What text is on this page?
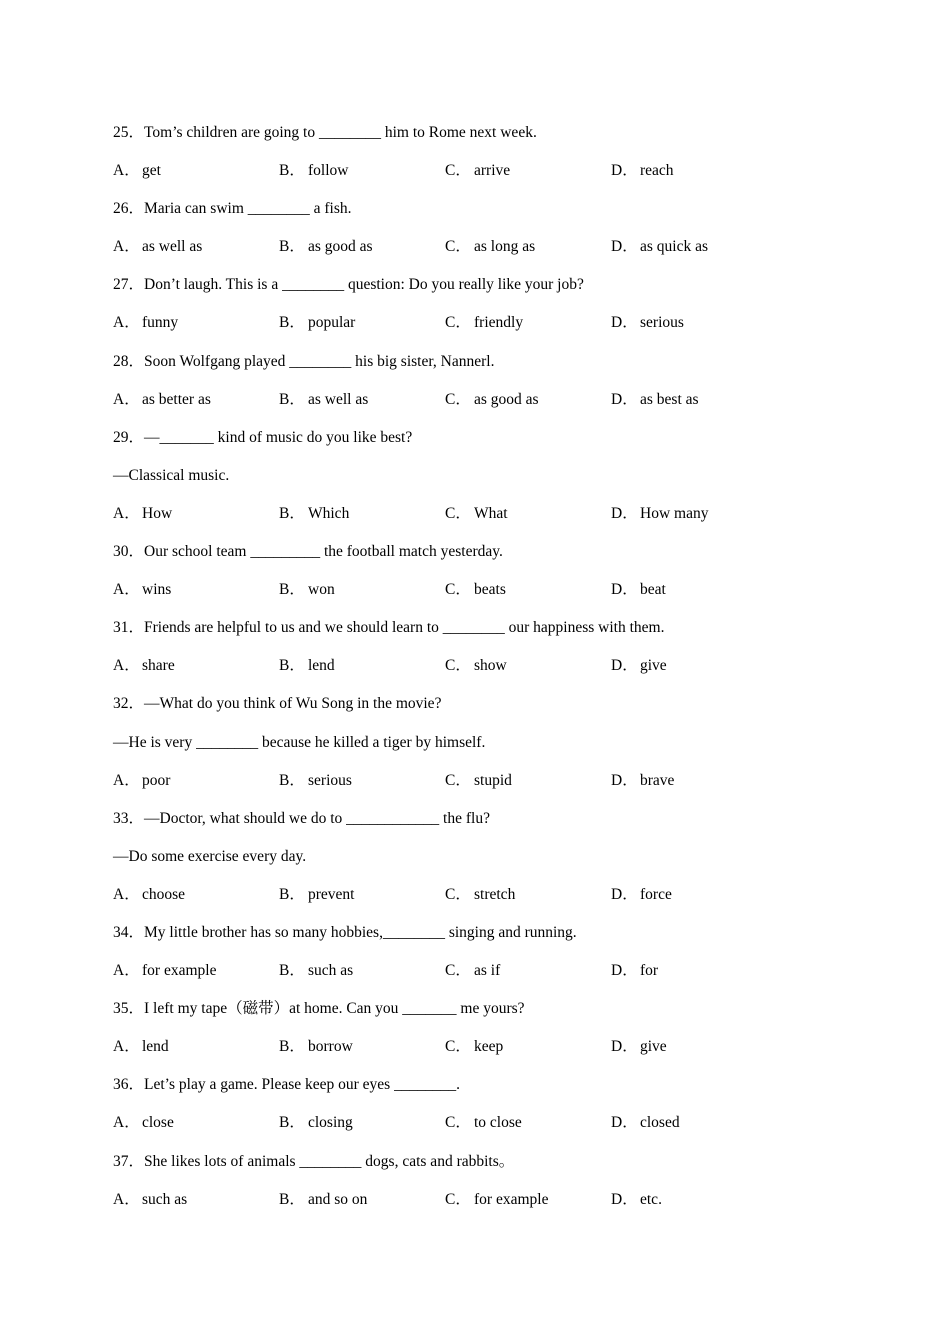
25．Tom’s children are going to ________ him to Rome next week.
A． get	B． follow	C． arrive	D． reach
26．Maria can swim ________ a fish.
A． as well as	B． as good as	C． as long as	D． as quick as
27．Don’t laugh. This is a ________ question: Do you really like your job?
A． funny	B． popular	C． friendly	D． serious
28．Soon Wolfgang played ________ his big sister, Nannerl.
A． as better as	B． as well as	C． as good as	D． as best as
29．—_______ kind of music do you like best?
—Classical music.
A． How	B． Which	C． What	D． How many
30．Our school team _________ the football match yesterday.
A． wins	B． won	C． beats	D． beat
31．Friends are helpful to us and we should learn to ________ our happiness with them.
A． share	B． lend	C． show	D． give
32．—What do you think of Wu Song in the movie?
—He is very ________ because he killed a tiger by himself.
A． poor	B． serious	C． stupid	D． brave
33．—Doctor, what should we do to ____________ the flu?
—Do some exercise every day.
A． choose	B． prevent	C． stretch	D． force
34．My little brother has so many hobbies,________ singing and running.
A． for example	B． such as	C． as if	D． for
35．I left my tape（磁带）at home. Can you _______ me yours?
A． lend	B． borrow	C． keep	D． give
36．Let’s play a game. Please keep our eyes ________.
A． close	B． closing	C． to close	D． closed
37．She likes lots of animals ________ dogs, cats and rabbits。
A． such as	B． and so on	C． for example	D． etc.
